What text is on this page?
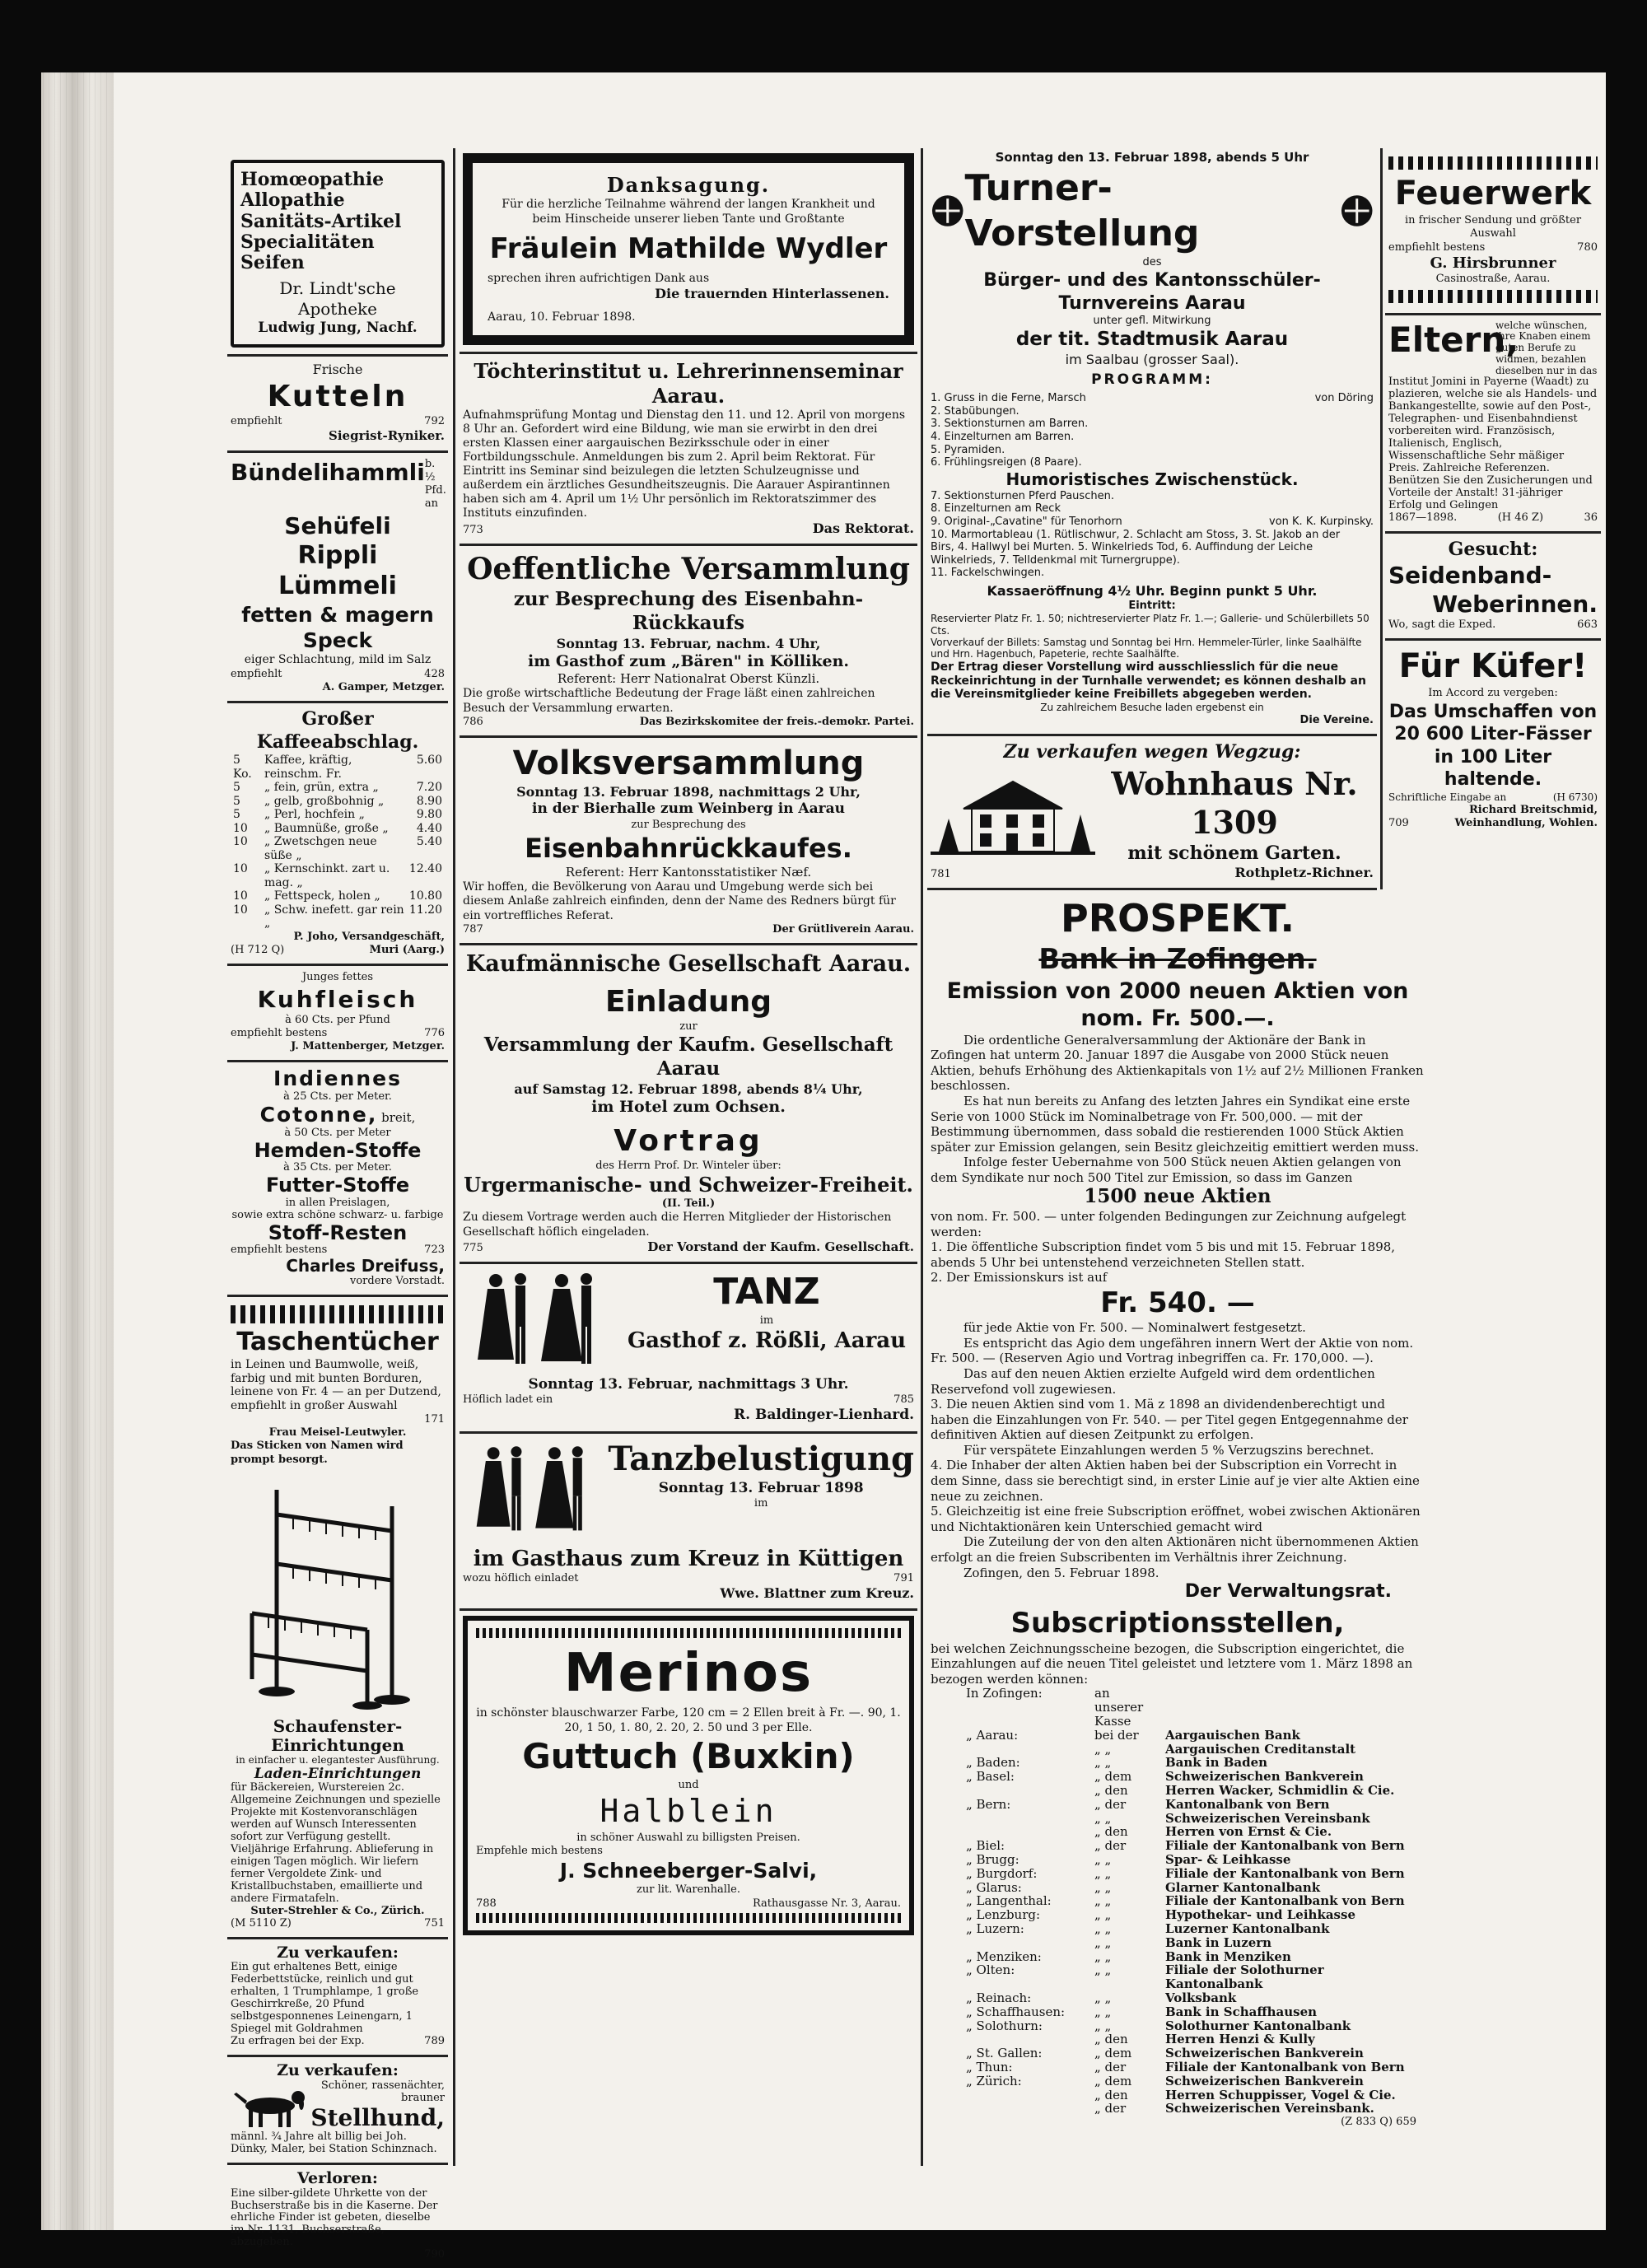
Homœopathie
Allopathie
Sanitäts-Artikel
Specialitäten
Seifen
Dr. Lindt'sche Apotheke
Ludwig Jung, Nachf.
Frische
Kutteln
empfiehlt	792
Siegrist-Ryniker.
Bündelihammli b. ½ Pfd. an
Sehüfeli
Rippli
Lümmeli
fetten & magern Speck
eiger Schlachtung, mild im Salz
empfiehlt	428
A. Gamper, Metzger.
Großer Kaffeeabschlag.
5 Ko.	Kaffee, kräftig, reinschm. Fr.	5.60
5	„ fein, grün, extra „	7.20
5	„ gelb, großbohnig „	8.90
5	„ Perl, hochfein „	9.80
10	„ Baumnüße, große „	4.40
10	„ Zwetschgen neue süße „	5.40
10	„ Kernschinkt. zart u. mag. „	12.40
10	„ Fettspeck, holen „	10.80
10	„ Schw. inefett. gar rein „	11.20
P. Joho, Versandgeschäft,
(H 712 Q)	Muri (Aarg.)
Junges fettes
Kuhfleisch
à 60 Cts. per Pfund
empfiehlt bestens	776
J. Mattenberger, Metzger.
Indiennes
à 25 Cts. per Meter.
Cotonne, breit,
à 50 Cts. per Meter
Hemden-Stoffe
à 35 Cts. per Meter.
Futter-Stoffe
in allen Preislagen,
sowie extra schöne schwarz- u. farbige
Stoff-Resten
empfiehlt bestens	723
Charles Dreifuss,
vordere Vorstadt.
Taschentücher
in Leinen und Baumwolle, weiß, farbig und mit bunten Borduren, leinene von Fr. 4 — an per Dutzend, empfiehlt in großer Auswahl
171
Frau Meisel-Leutwyler.
Das Sticken von Namen wird prompt besorgt.
Schaufenster-Einrichtungen
in einfacher u. elegantester Ausführung.
Laden-Einrichtungen
für Bäckereien, Wurstereien 2c. Allgemeine Zeichnungen und spezielle Projekte mit Kostenvoranschlägen werden auf Wunsch Interessenten sofort zur Verfügung gestellt. Vieljährige Erfahrung. Ablieferung in einigen Tagen möglich. Wir liefern ferner Vergoldete Zink- und Kristallbuchstaben, emaillierte und andere Firmatafeln.
Suter-Strehler & Co., Zürich.
(M 5110 Z)	751
Zu verkaufen:
Ein gut erhaltenes Bett, einige Federbettstücke, reinlich und gut erhalten, 1 Trumphlampe, 1 große Geschirrkreße, 20 Pfund selbstgesponnenes Leinengarn, 1 Spiegel mit Goldrahmen
Zu erfragen bei der Exp.	789
Zu verkaufen:
Schöner, rassenächter,
brauner
Stellhund,
männl. ¾ Jahre alt billig bei Joh. Dünky, Maler, bei Station Schinznach.
Verloren:
Eine silber-gildete Uhrkette von der Buchserstraße bis in die Kaserne. Der ehrliche Finder ist gebeten, dieselbe im Nr. 1131, Buchserstraße, abzugeben.
790
Danksagung.
Für die herzliche Teilnahme während der langen Krankheit und beim Hinscheide unserer lieben Tante und Großtante
Fräulein Mathilde Wydler
sprechen ihren aufrichtigen Dank aus
Die trauernden Hinterlassenen.
Aarau, 10. Februar 1898.
Töchterinstitut u. Lehrerinnenseminar Aarau.
Aufnahmsprüfung Montag und Dienstag den 11. und 12. April von morgens 8 Uhr an. Gefordert wird eine Bildung, wie man sie erwirbt in den drei ersten Klassen einer aargauischen Bezirksschule oder in einer Fortbildungsschule. Anmeldungen bis zum 2. April beim Rektorat. Für Eintritt ins Seminar sind beizulegen die letzten Schulzeugnisse und außerdem ein ärztliches Gesundheitszeugnis. Die Aarauer Aspirantinnen haben sich am 4. April um 1½ Uhr persönlich im Rektoratszimmer des Instituts einzufinden.
773	Das Rektorat.
Oeffentliche Versammlung
zur Besprechung des Eisenbahn-Rückkaufs
Sonntag 13. Februar, nachm. 4 Uhr,
im Gasthof zum „Bären" in Kölliken.
Referent: Herr Nationalrat Oberst Künzli.
Die große wirtschaftliche Bedeutung der Frage läßt einen zahlreichen Besuch der Versammlung erwarten.
786	Das Bezirkskomitee der freis.-demokr. Partei.
Volksversammlung
Sonntag 13. Februar 1898, nachmittags 2 Uhr,
in der Bierhalle zum Weinberg in Aarau
zur Besprechung des
Eisenbahnrückkaufes.
Referent: Herr Kantonsstatistiker Næf.
Wir hoffen, die Bevölkerung von Aarau und Umgebung werde sich bei diesem Anlaße zahlreich einfinden, denn der Name des Redners bürgt für ein vortreffliches Referat.
787	Der Grütliverein Aarau.
Kaufmännische Gesellschaft Aarau.
Einladung
zur
Versammlung der Kaufm. Gesellschaft Aarau
auf Samstag 12. Februar 1898, abends 8¼ Uhr,
im Hotel zum Ochsen.
Vortrag
des Herrn Prof. Dr. Winteler über:
Urgermanische- und Schweizer-Freiheit.
(II. Teil.)
Zu diesem Vortrage werden auch die Herren Mitglieder der Historischen Gesellschaft höflich eingeladen.
775	Der Vorstand der Kaufm. Gesellschaft.
TANZ
im
Gasthof z. Rößli, Aarau
Sonntag 13. Februar, nachmittags 3 Uhr.
Höflich ladet ein	785
R. Baldinger-Lienhard.
Tanzbelustigung
Sonntag 13. Februar 1898
im
im Gasthaus zum Kreuz in Küttigen
wozu höflich einladet	791
Wwe. Blattner zum Kreuz.
Merinos
in schönster blauschwarzer Farbe, 120 cm = 2 Ellen breit à Fr. —. 90, 1. 20, 1 50, 1. 80, 2. 20, 2. 50 und 3 per Elle.
Guttuch (Buxkin)
und
Halblein
in schöner Auswahl zu billigsten Preisen.
Empfehle mich bestens
J. Schneeberger-Salvi,
zur lit. Warenhalle.
788	Rathausgasse Nr. 3, Aarau.
Sonntag den 13. Februar 1898, abends 5 Uhr
Turner-Vorstellung
des
Bürger- und des Kantonsschüler-Turnvereins Aarau
unter gefl. Mitwirkung
der tit. Stadtmusik Aarau
im Saalbau (grosser Saal).
PROGRAMM:
1. Gruss in die Ferne, Marsch	von Döring
2. Stabübungen.
3. Sektionsturnen am Barren.
4. Einzelturnen am Barren.
5. Pyramiden.
6. Frühlingsreigen (8 Paare).
Humoristisches Zwischenstück.
7. Sektionsturnen Pferd Pauschen.
8. Einzelturnen am Reck
9. Original-„Cavatine" für Tenorhorn	von K. K. Kurpinsky.
10. Marmortableau (1. Rütlischwur, 2. Schlacht am Stoss, 3. St. Jakob an der Birs, 4. Hallwyl bei Murten. 5. Winkelrieds Tod, 6. Auffindung der Leiche Winkelrieds, 7. Telldenkmal mit Turnergruppe).
11. Fackelschwingen.
Kassaeröffnung 4½ Uhr. Beginn punkt 5 Uhr.
Eintritt:
Reservierter Platz Fr. 1. 50; nichtreservierter Platz Fr. 1.—; Gallerie- und Schülerbillets 50 Cts.
Vorverkauf der Billets: Samstag und Sonntag bei Hrn. Hemmeler-Türler, linke Saalhälfte und Hrn. Hagenbuch, Papeterie, rechte Saalhälfte.
Der Ertrag dieser Vorstellung wird ausschliesslich für die neue Reckeinrichtung in der Turnhalle verwendet; es können deshalb an die Vereinsmitglieder keine Freibillets abgegeben werden.
Zu zahlreichem Besuche laden ergebenst ein
Die Vereine.
Zu verkaufen wegen Wegzug:
Wohnhaus Nr. 1309
mit schönem Garten.
781	Rothpletz-Richner.
PROSPEKT.
Bank in Zofingen.
Emission von 2000 neuen Aktien von nom. Fr. 500.—.
Die ordentliche Generalversammlung der Aktionäre der Bank in Zofingen hat unterm 20. Januar 1897 die Ausgabe von 2000 Stück neuen Aktien, behufs Erhöhung des Aktienkapitals von 1½ auf 2½ Millionen Franken beschlossen.
Es hat nun bereits zu Anfang des letzten Jahres ein Syndikat eine erste Serie von 1000 Stück im Nominalbetrage von Fr. 500,000. — mit der Bestimmung übernommen, dass sobald die restierenden 1000 Stück Aktien später zur Emission gelangen, sein Besitz gleichzeitig emittiert werden muss.
Infolge fester Uebernahme von 500 Stück neuen Aktien gelangen von dem Syndikate nur noch 500 Titel zur Emission, so dass im Ganzen
1500 neue Aktien
von nom. Fr. 500. — unter folgenden Bedingungen zur Zeichnung aufgelegt werden:
1. Die öffentliche Subscription findet vom 5 bis und mit 15. Februar 1898, abends 5 Uhr bei untenstehend verzeichneten Stellen statt.
2. Der Emissionskurs ist auf
Fr. 540. —
für jede Aktie von Fr. 500. — Nominalwert festgesetzt.
Es entspricht das Agio dem ungefähren innern Wert der Aktie von nom. Fr. 500. — (Reserven Agio und Vortrag inbegriffen ca. Fr. 170,000. —).
Das auf den neuen Aktien erzielte Aufgeld wird dem ordentlichen Reservefond voll zugewiesen.
3. Die neuen Aktien sind vom 1. Mä z 1898 an dividendenberechtigt und haben die Einzahlungen von Fr. 540. — per Titel gegen Entgegennahme der definitiven Aktien auf diesen Zeitpunkt zu erfolgen.
Für verspätete Einzahlungen werden 5 % Verzugszins berechnet.
4. Die Inhaber der alten Aktien haben bei der Subscription ein Vorrecht in dem Sinne, dass sie berechtigt sind, in erster Linie auf je vier alte Aktien eine neue zu zeichnen.
5. Gleichzeitig ist eine freie Subscription eröffnet, wobei zwischen Aktionären und Nichtaktionären kein Unterschied gemacht wird
Die Zuteilung der von den alten Aktionären nicht übernommenen Aktien erfolgt an die freien Subscribenten im Verhältnis ihrer Zeichnung.
Zofingen, den 5. Februar 1898.
Der Verwaltungsrat.
Subscriptionsstellen,
bei welchen Zeichnungsscheine bezogen, die Subscription eingerichtet, die Einzahlungen auf die neuen Titel geleistet und letztere vom 1. März 1898 an bezogen werden können:
In Zofingen:	an unserer Kasse	
„ Aarau:	bei der	Aargauischen Bank
	„ „	Aargauischen Creditanstalt
„ Baden:	„ „	Bank in Baden
„ Basel:	„ dem	Schweizerischen Bankverein
	„ den	Herren Wacker, Schmidlin & Cie.
„ Bern:	„ der	Kantonalbank von Bern
	„ „	Schweizerischen Vereinsbank
	„ den	Herren von Ernst & Cie.
„ Biel:	„ der	Filiale der Kantonalbank von Bern
„ Brugg:	„ „	Spar- & Leihkasse
„ Burgdorf:	„ „	Filiale der Kantonalbank von Bern
„ Glarus:	„ „	Glarner Kantonalbank
„ Langenthal:	„ „	Filiale der Kantonalbank von Bern
„ Lenzburg:	„ „	Hypothekar- und Leihkasse
„ Luzern:	„ „	Luzerner Kantonalbank
	„ „	Bank in Luzern
„ Menziken:	„ „	Bank in Menziken
„ Olten:	„ „	Filiale der Solothurner Kantonalbank
„ Reinach:	„ „	Volksbank
„ Schaffhausen:	„ „	Bank in Schaffhausen
„ Solothurn:	„ „	Solothurner Kantonalbank
	„ den	Herren Henzi & Kully
„ St. Gallen:	„ dem	Schweizerischen Bankverein
„ Thun:	„ der	Filiale der Kantonalbank von Bern
„ Zürich:	„ dem	Schweizerischen Bankverein
	„ den	Herren Schuppisser, Vogel & Cie.
	„ der	Schweizerischen Vereinsbank.
(Z 833 Q) 659
Feuerwerk
in frischer Sendung und größter Auswahl
empfiehlt bestens	780
G. Hirsbrunner
Casinostraße, Aarau.
Eltern,
welche wünschen, ihre Knaben einem guten Berufe zu widmen, bezahlen dieselben nur in das
Institut Jomini in Payerne (Waadt) zu plazieren, welche sie als Handels- und Bankangestellte, sowie auf den Post-, Telegraphen- und Eisenbahndienst vorbereiten wird. Französisch, Italienisch, Englisch, Wissenschaftliche Sehr mäßiger Preis. Zahlreiche Referenzen. Benützen Sie den Zusicherungen und Vorteile der Anstalt! 31-jähriger Erfolg und Gelingen
1867—1898.	(H 46 Z)	36
Gesucht:
Seidenband-
Weberinnen.
Wo, sagt die Exped.	663
Für Küfer!
Im Accord zu vergeben:
Das Umschaffen von 20 600 Liter-Fässer in 100 Liter haltende.
Schriftliche Eingabe an	(H 6730)
Richard Breitschmid,
709	Weinhandlung, Wohlen.
